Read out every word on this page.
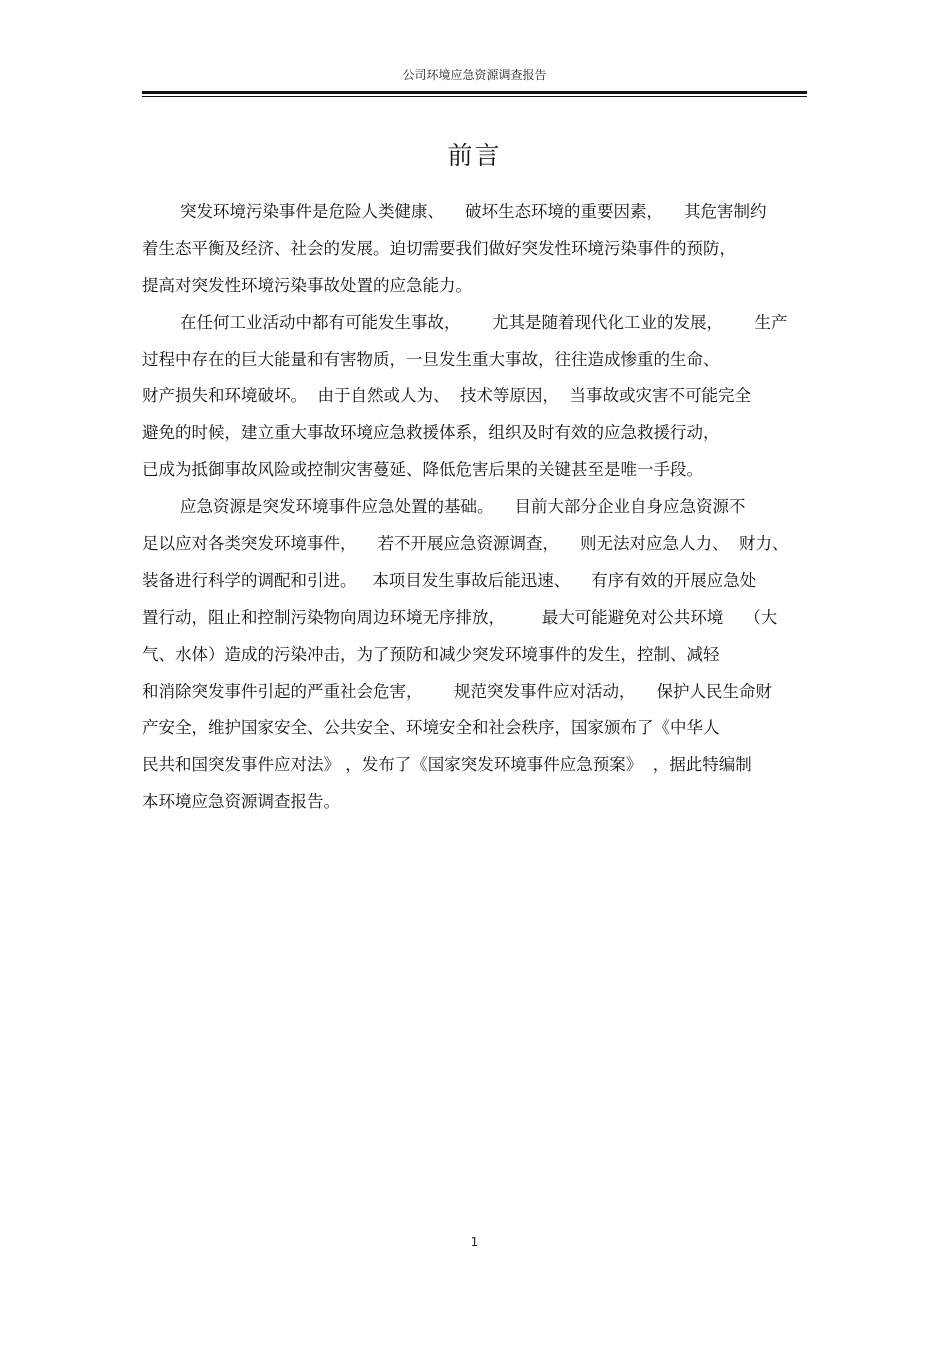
公司环境应急资源调查报告
前言
突发环境污染事件是危险人类健康、    破坏生态环境的重要因素，    其危害制约
着生态平衡及经济、社会的发展。迫切需要我们做好突发性环境污染事件的预防，
提高对突发性环境污染事故处置的应急能力。
在任何工业活动中都有可能发生事故，      尤其是随着现代化工业的发展，      生产
过程中存在的巨大能量和有害物质，一旦发生重大事故，往往造成惨重的生命、
财产损失和环境破坏。  由于自然或人为、  技术等原因，  当事故或灾害不可能完全
避免的时候，建立重大事故环境应急救援体系，组织及时有效的应急救援行动，
已成为抵御事故风险或控制灾害蔓延、降低危害后果的关键甚至是唯一手段。
应急资源是突发环境事件应急处置的基础。    目前大部分企业自身应急资源不
足以应对各类突发环境事件，    若不开展应急资源调查，    则无法对应急人力、  财力、
装备进行科学的调配和引进。   本项目发生事故后能迅速、    有序有效的开展应急处
置行动，阻止和控制污染物向周边环境无序排放，       最大可能避免对公共环境    （大
气、水体）造成的污染冲击，为了预防和减少突发环境事件的发生，控制、减轻
和消除突发事件引起的严重社会危害，      规范突发事件应对活动，    保护人民生命财
产安全，维护国家安全、公共安全、环境安全和社会秩序，国家颁布了《中华人
民共和国突发事件应对法》 ，发布了《国家突发环境事件应急预案》  ，据此特编制
本环境应急资源调查报告。
1
